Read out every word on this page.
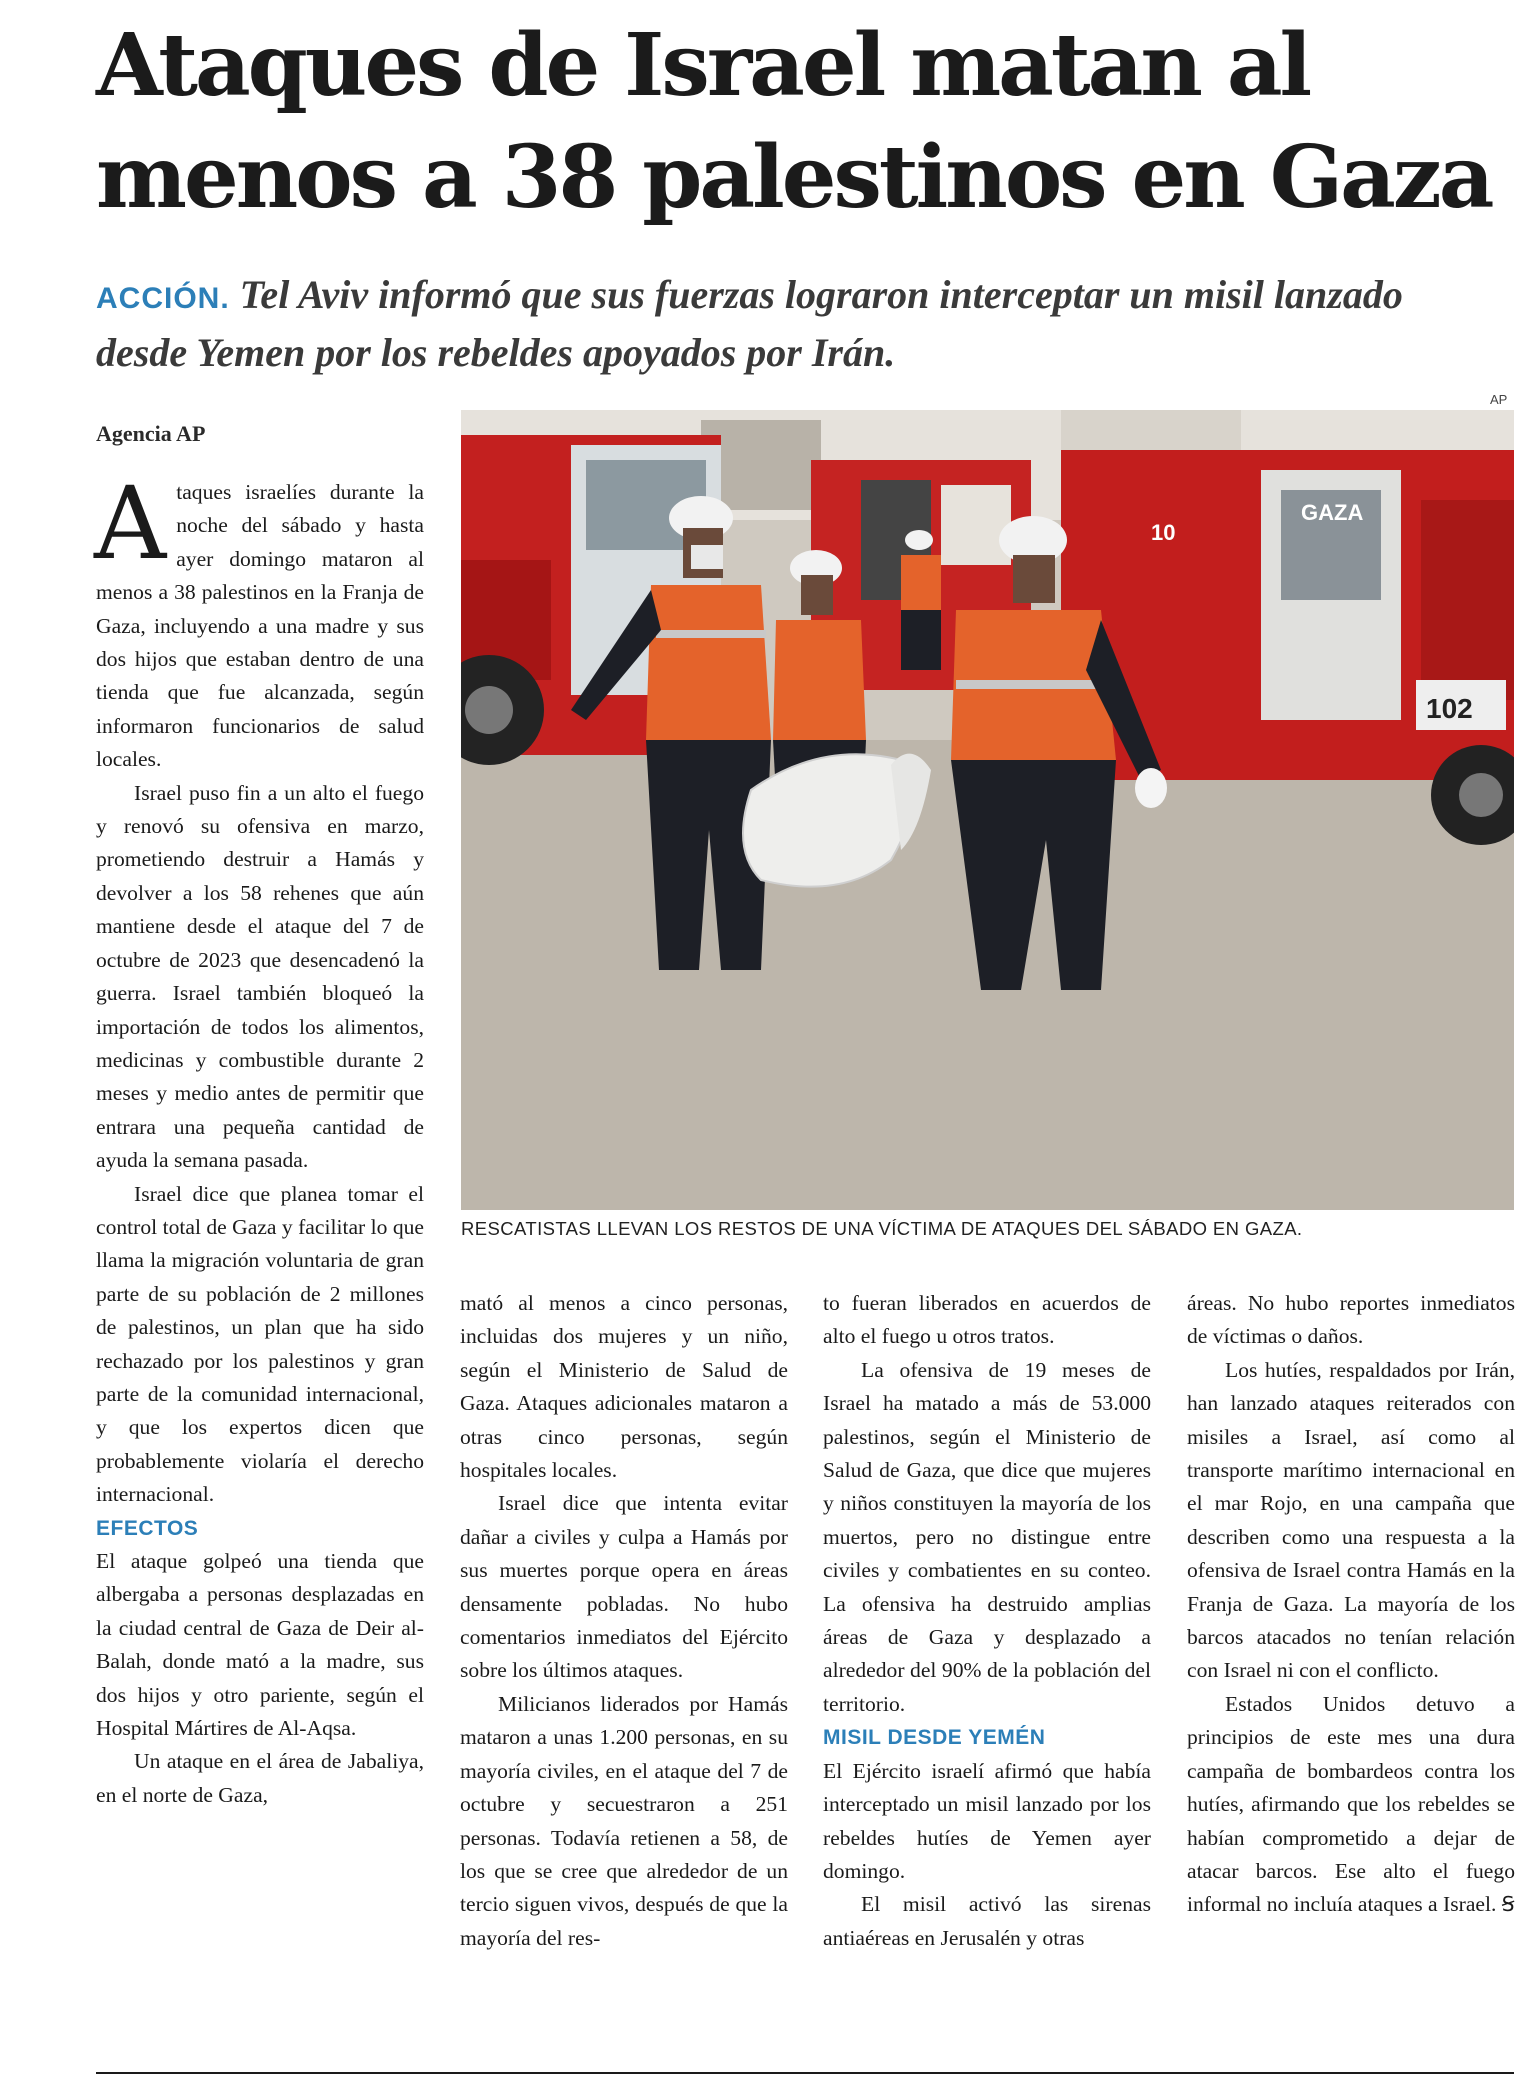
Ataques de Israel matan al
menos a 38 palestinos en Gaza

ACCIÓN. Tel Aviv informó que sus fuerzas lograron interceptar un misil lanzado desde Yemen por los rebeldes apoyados por Irán.

Agencia AP
AP
102
GAZA
10
RESCATISTAS LLEVAN LOS RESTOS DE UNA VÍCTIMA DE ATAQUES DEL SÁBADO EN GAZA.

Ataques israelíes durante la noche del sábado y hasta ayer domingo mataron al menos a 38 palestinos en la Franja de Gaza, incluyendo a una madre y sus dos hijos que estaban dentro de una tienda que fue alcanzada, según informaron funcionarios de salud locales.

Israel puso fin a un alto el fuego y renovó su ofensiva en marzo, prometiendo destruir a Hamás y devolver a los 58 rehenes que aún mantiene desde el ataque del 7 de octubre de 2023 que desencadenó la guerra. Israel también bloqueó la importación de todos los alimentos, medicinas y combustible durante 2 meses y medio antes de permitir que entrara una pequeña cantidad de ayuda la semana pasada.

Israel dice que planea tomar el control total de Gaza y facilitar lo que llama la migración voluntaria de gran parte de su población de 2 millones de palestinos, un plan que ha sido rechazado por los palestinos y gran parte de la comunidad internacional, y que los expertos dicen que probablemente violaría el derecho internacional.

EFECTOS

El ataque golpeó una tienda que albergaba a personas desplazadas en la ciudad central de Gaza de Deir al-Balah, donde mató a la madre, sus dos hijos y otro pariente, según el Hospital Mártires de Al-Aqsa.

Un ataque en el área de Jabaliya, en el norte de Gaza,

mató al menos a cinco personas, incluidas dos mujeres y un niño, según el Ministerio de Salud de Gaza. Ataques adicionales mataron a otras cinco personas, según hospitales locales.

Israel dice que intenta evitar dañar a civiles y culpa a Hamás por sus muertes porque opera en áreas densamente pobladas. No hubo comentarios inmediatos del Ejército sobre los últimos ataques.

Milicianos liderados por Hamás mataron a unas 1.200 personas, en su mayoría civiles, en el ataque del 7 de octubre y secuestraron a 251 personas. Todavía retienen a 58, de los que se cree que alrededor de un tercio siguen vivos, después de que la mayoría del res-

to fueran liberados en acuerdos de alto el fuego u otros tratos.

La ofensiva de 19 meses de Israel ha matado a más de 53.000 palestinos, según el Ministerio de Salud de Gaza, que dice que mujeres y niños constituyen la mayoría de los muertos, pero no distingue entre civiles y combatientes en su conteo. La ofensiva ha destruido amplias áreas de Gaza y desplazado a alrededor del 90% de la población del territorio.

MISIL DESDE YEMÉN

El Ejército israelí afirmó que había interceptado un misil lanzado por los rebeldes hutíes de Yemen ayer domingo.

El misil activó las sirenas antiaéreas en Jerusalén y otras

áreas. No hubo reportes inmediatos de víctimas o daños.

Los hutíes, respaldados por Irán, han lanzado ataques reiterados con misiles a Israel, así como al transporte marítimo internacional en el mar Rojo, en una campaña que describen como una respuesta a la ofensiva de Israel contra Hamás en la Franja de Gaza. La mayoría de los barcos atacados no tenían relación con Israel ni con el conflicto.

Estados Unidos detuvo a principios de este mes una dura campaña de bombardeos contra los hutíes, afirmando que los rebeldes se habían comprometido a dejar de atacar barcos. Ese alto el fuego informal no incluía ataques a Israel. Ꞩ
